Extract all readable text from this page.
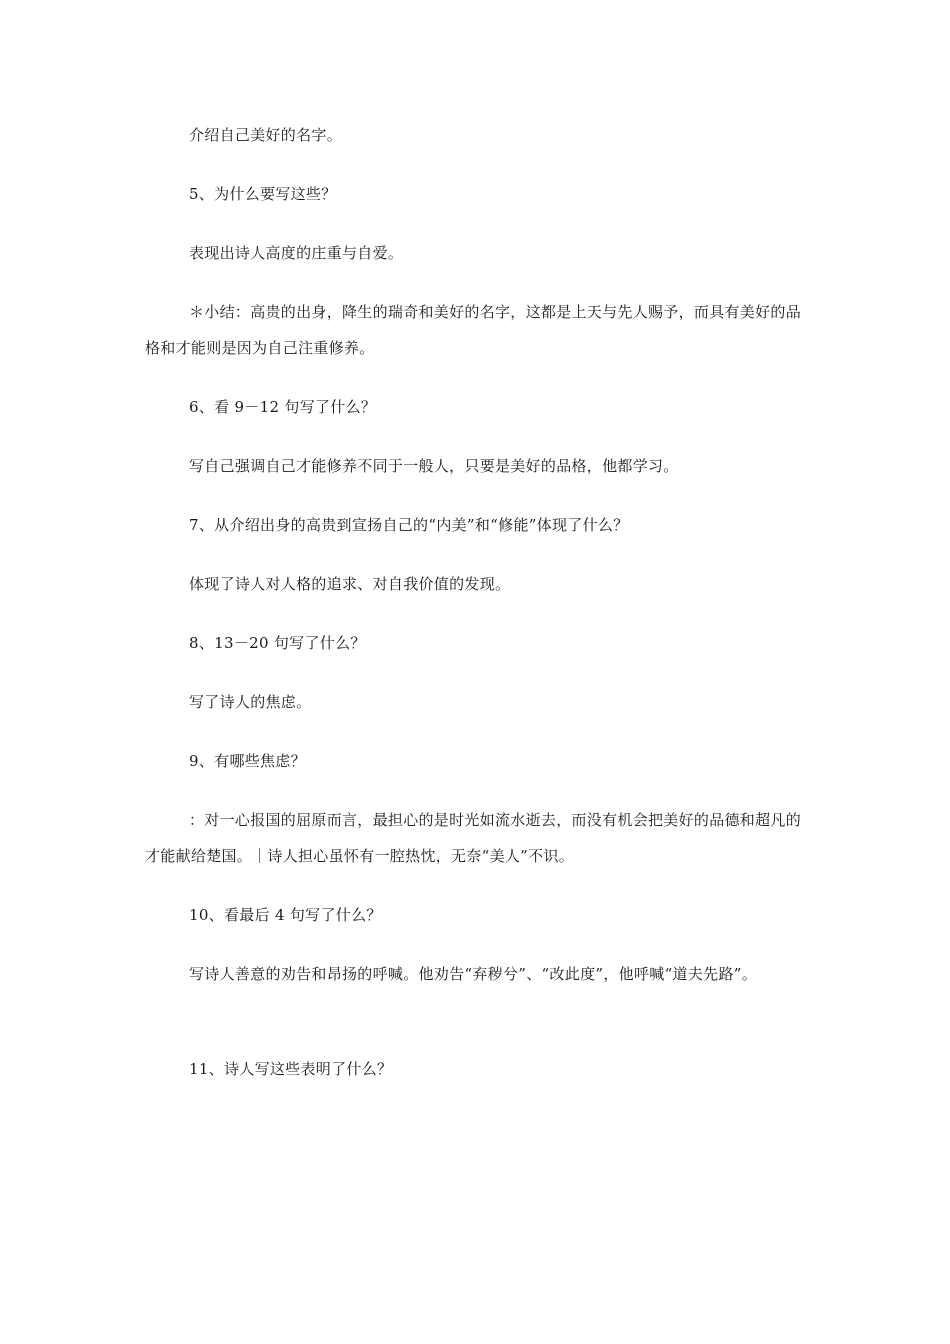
介绍自己美好的名字。

5、为什么要写这些？

表现出诗人高度的庄重与自爱。

＊小结：高贵的出身，降生的瑞奇和美好的名字，这都是上天与先人赐予，而具有美好的品格和才能则是因为自己注重修养。

6、看 9－12 句写了什么？

写自己强调自己才能修养不同于一般人，只要是美好的品格，他都学习。

7、从介绍出身的高贵到宣扬自己的“内美”和“修能”体现了什么？

体现了诗人对人格的追求、对自我价值的发现。

8、13－20 句写了什么？

写了诗人的焦虑。

9、有哪些焦虑？

：对一心报国的屈原而言，最担心的是时光如流水逝去，而没有机会把美好的品德和超凡的才能献给楚国。｜诗人担心虽怀有一腔热忱，无奈“美人”不识。

10、看最后 4 句写了什么？

写诗人善意的劝告和昂扬的呼喊。他劝告“弃秽兮”、“改此度”，他呼喊“道夫先路”。

11、诗人写这些表明了什么？
